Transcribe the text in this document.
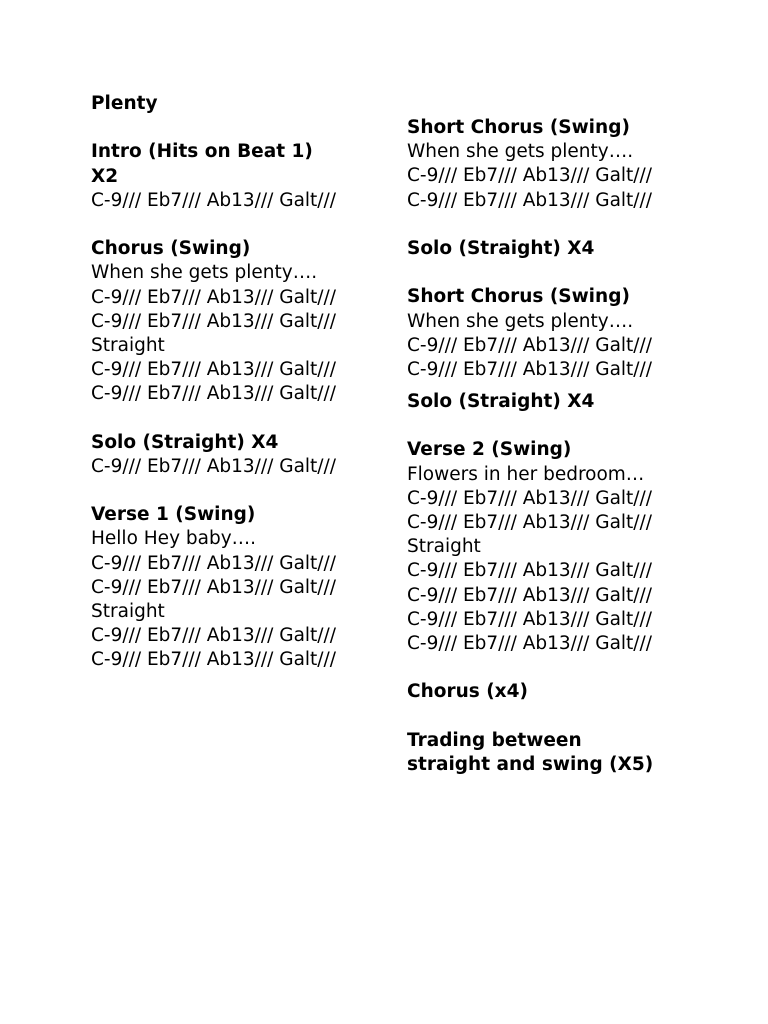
Plenty
Intro (Hits on Beat 1)
X2
C-9/// Eb7/// Ab13/// Galt///
Chorus (Swing)
When she gets plenty….
C-9/// Eb7/// Ab13/// Galt///
C-9/// Eb7/// Ab13/// Galt///
Straight
C-9/// Eb7/// Ab13/// Galt///
C-9/// Eb7/// Ab13/// Galt///
Solo (Straight) X4
C-9/// Eb7/// Ab13/// Galt///
Verse 1 (Swing)
Hello Hey baby….
C-9/// Eb7/// Ab13/// Galt///
C-9/// Eb7/// Ab13/// Galt///
Straight
C-9/// Eb7/// Ab13/// Galt///
C-9/// Eb7/// Ab13/// Galt///
Short Chorus (Swing)
When she gets plenty….
C-9/// Eb7/// Ab13/// Galt///
C-9/// Eb7/// Ab13/// Galt///
Solo (Straight) X4
Short Chorus (Swing)
When she gets plenty….
C-9/// Eb7/// Ab13/// Galt///
C-9/// Eb7/// Ab13/// Galt///
Solo (Straight) X4
Verse 2 (Swing)
Flowers in her bedroom…
C-9/// Eb7/// Ab13/// Galt///
C-9/// Eb7/// Ab13/// Galt///
Straight
C-9/// Eb7/// Ab13/// Galt///
C-9/// Eb7/// Ab13/// Galt///
C-9/// Eb7/// Ab13/// Galt///
C-9/// Eb7/// Ab13/// Galt///
Chorus (x4)
Trading between
straight and swing (X5)
